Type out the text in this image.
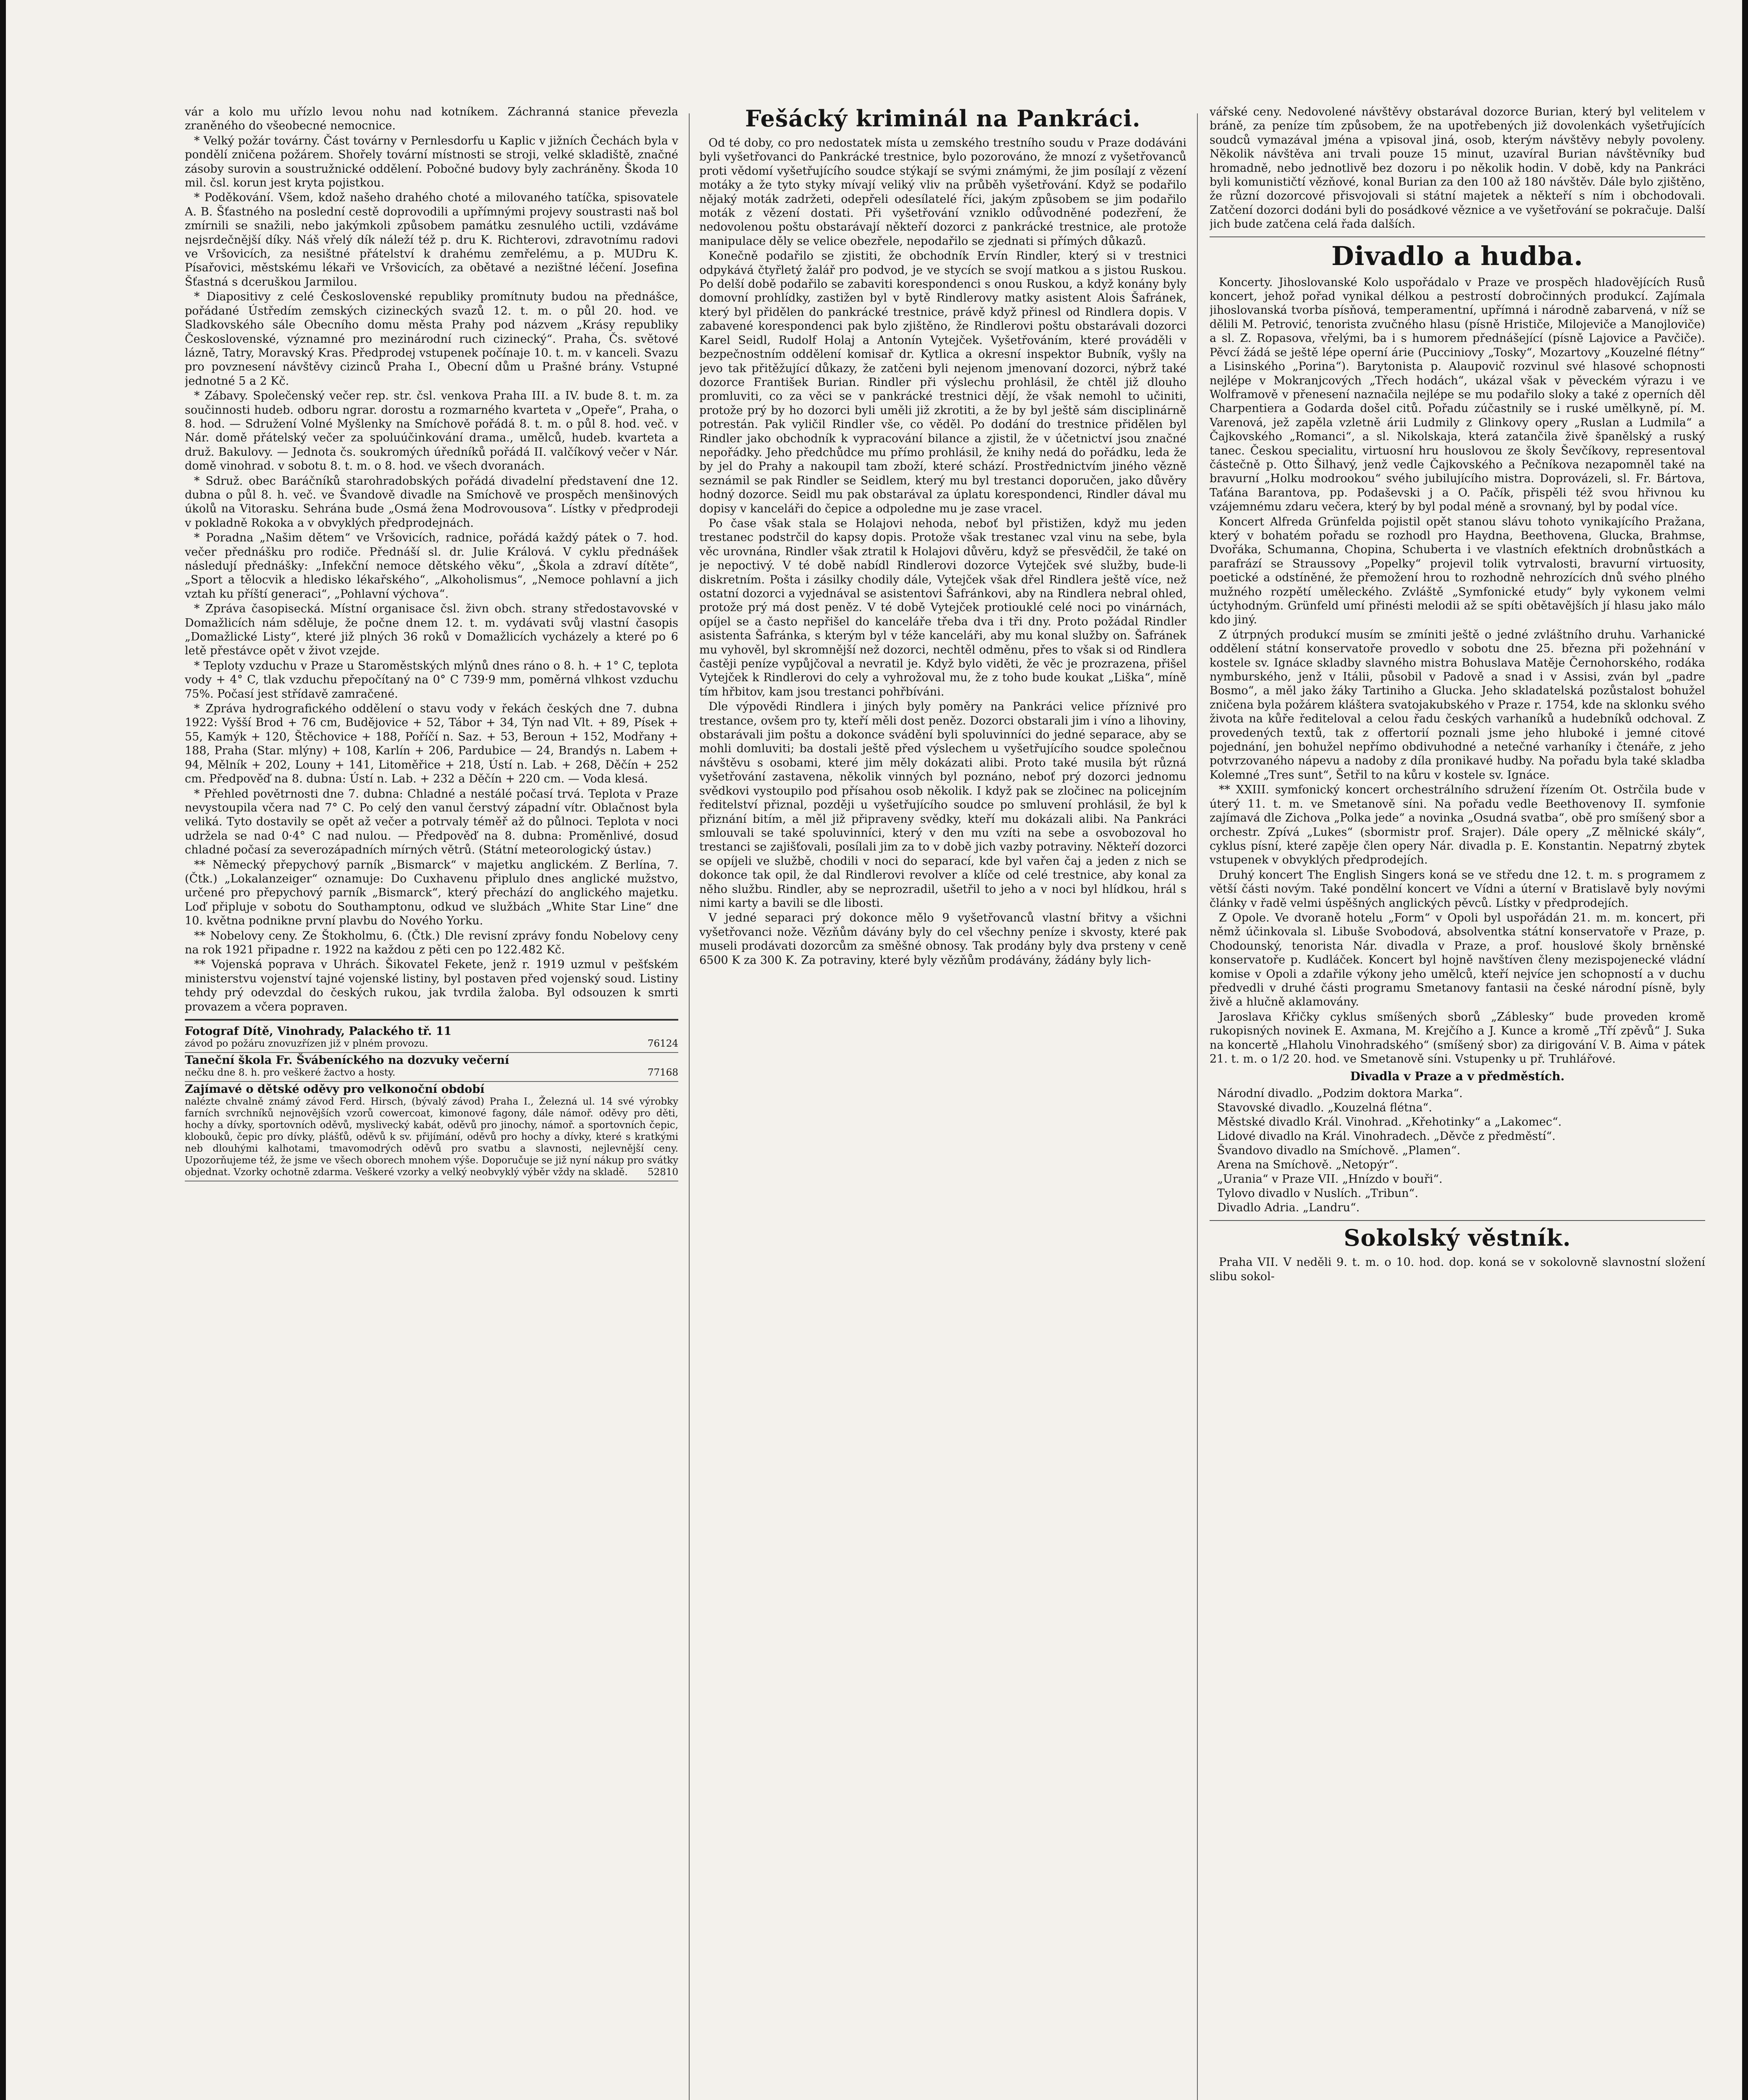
vár a kolo mu uřízlo levou nohu nad kotníkem. Záchranná stanice převezla zraněného do všeobecné nemocnice.

* Velký požár továrny. Část továrny v Pernlesdorfu u Kaplic v jižních Čechách byla v pondělí zničena požárem. Shořely tovární místnosti se stroji, velké skladiště, značné zásoby surovin a soustružnické oddělení. Pobočné budovy byly zachráněny. Škoda 10 mil. čsl. korun jest kryta pojistkou.

* Poděkování. Všem, kdož našeho drahého choté a milovaného tatíčka, spisovatele A. B. Šťastného na poslední cestě doprovodili a upřímnými projevy soustrasti naš bol zmírnili se snažili, nebo jakýmkoli způsobem památku zesnulého uctili, vzdáváme nejsrdečnější díky. Náš vřelý dík náleží též p. dru K. Richterovi, zdravotnímu radovi ve Vršovicích, za nesištné přátelství k drahému zemřelému, a p. MUDru K. Písařovici, městskému lékaři ve Vršovicích, za obětavé a nezištné léčení. Josefina Šťastná s dceruškou Jarmilou.

* Diapositivy z celé Československé republiky promítnuty budou na přednášce, pořádané Ústředím zemských cizineckých svazů 12. t. m. o půl 20. hod. ve Sladkovského sále Obecního domu města Prahy pod názvem „Krásy republiky Československé, významné pro mezinárodní ruch cizinecký“. Praha, Čs. světové lázně, Tatry, Moravský Kras. Předprodej vstupenek počínaje 10. t. m. v kanceli. Svazu pro povznesení návštěvy cizinců Praha I., Obecní dům u Prašné brány. Vstupné jednotné 5 a 2 Kč.

* Zábavy. Společenský večer rep. str. čsl. venkova Praha III. a IV. bude 8. t. m. za součinnosti hudeb. odboru ngrar. dorostu a rozmarného kvarteta v „Opeře“, Praha, o 8. hod. — Sdružení Volné Myšlenky na Smíchově pořádá 8. t. m. o půl 8. hod. več. v Nár. domě přátelský večer za spoluúčinkování drama., umělců, hudeb. kvarteta a druž. Bakulovy. — Jednota čs. soukromých úředníků pořádá II. valčíkový večer v Nár. domě vinohrad. v sobotu 8. t. m. o 8. hod. ve všech dvoranách.

* Sdruž. obec Baráčníků starohradobských pořádá divadelní představení dne 12. dubna o půl 8. h. več. ve Švandově divadle na Smíchově ve prospěch menšinových úkolů na Vitorasku. Sehrána bude „Osmá žena Modrovousova“. Lístky v předprodeji v pokladně Rokoka a v obvyklých předprodejnách.

* Poradna „Našim dětem“ ve Vršovicích, radnice, pořádá každý pátek o 7. hod. večer přednášku pro rodiče. Přednáší sl. dr. Julie Králová. V cyklu přednášek následují přednášky: „Infekční nemoce dětského věku“, „Škola a zdraví dítěte“, „Sport a tělocvik a hledisko lékařského“, „Alkoholismus“, „Nemoce pohlavní a jich vztah ku příští generaci“, „Pohlavní výchova“.

* Zpráva časopisecká. Místní organisace čsl. živn obch. strany středostavovské v Domažlicích nám sděluje, že počne dnem 12. t. m. vydávati svůj vlastní časopis „Domažlické Listy“, které již plných 36 roků v Domažlicích vycházely a které po 6 letě přestávce opět v život vzejde.

* Teploty vzduchu v Praze u Staroměstských mlýnů dnes ráno o 8. h. + 1° C, teplota vody + 4° C, tlak vzduchu přepočítaný na 0° C 739·9 mm, poměrná vlhkost vzduchu 75%. Počasí jest střídavě zamračené.

* Zpráva hydrografického oddělení o stavu vody v řekách českých dne 7. dubna 1922: Vyšší Brod + 76 cm, Budějovice + 52, Tábor + 34, Týn nad Vlt. + 89, Písek + 55, Kamýk + 120, Štěchovice + 188, Poříčí n. Saz. + 53, Beroun + 152, Modřany + 188, Praha (Star. mlýny) + 108, Karlín + 206, Pardubice — 24, Brandýs n. Labem + 94, Mělník + 202, Louny + 141, Litoměřice + 218, Ústí n. Lab. + 268, Děčín + 252 cm. Předpověď na 8. dubna: Ústí n. Lab. + 232 a Děčín + 220 cm. — Voda klesá.

* Přehled povětrnosti dne 7. dubna: Chladné a nestálé počasí trvá. Teplota v Praze nevystoupila včera nad 7° C. Po celý den vanul čerstvý západní vítr. Oblačnost byla veliká. Tyto dostavily se opět až večer a potrvaly téměř až do půlnoci. Teplota v noci udržela se nad 0·4° C nad nulou. — Předpověď na 8. dubna: Proměnlivé, dosud chladné počasí za severozápadních mírných větrů. (Státní meteorologický ústav.)

** Německý přepychový parník „Bismarck“ v majetku anglickém. Z Berlína, 7. (Čtk.) „Lokalanzeiger“ oznamuje: Do Cuxhavenu připlulo dnes anglické mužstvo, určené pro přepychový parník „Bismarck“, který přechází do anglického majetku. Loď připluje v sobotu do Southamptonu, odkud ve službách „White Star Line“ dne 10. května podnikne první plavbu do Nového Yorku.

** Nobelovy ceny. Ze Štokholmu, 6. (Čtk.) Dle revisní zprávy fondu Nobelovy ceny na rok 1921 připadne r. 1922 na každou z pěti cen po 122.482 Kč.

** Vojenská poprava v Uhrách. Šikovatel Fekete, jenž r. 1919 uzmul v pešťském ministerstvu vojenství tajné vojenské listiny, byl postaven před vojenský soud. Listiny tehdy prý odevzdal do českých rukou, jak tvrdila žaloba. Byl odsouzen k smrti provazem a včera popraven.

Fotograf Dítě, Vinohrady, Palackého tř. 11

závod po požáru znovuzřízen již v plném provozu.	76124

Taneční škola Fr. Švábeníckého na dozvuky večerní

nečku dne 8. h. pro veškeré žactvo a hosty.	77168

Zajímavé o dětské oděvy pro velkonoční období

nalézte chvalně známý závod Ferd. Hirsch, (bývalý závod) Praha I., Železná ul. 14 své výrobky farních svrchníků nejnovějších vzorů cowercoat, kimonové fagony, dále námoř. oděvy pro děti, hochy a dívky, sportovních oděvů, myslivecký kabát, oděvů pro jinochy, námoř. a sportovních čepic, klobouků, čepic pro dívky, plášťů, oděvů k sv. přijímání, oděvů pro hochy a dívky, které s kratkými neb dlouhými kalhotami, tmavomodrých oděvů pro svatbu a slavnosti, nejlevnější ceny. Upozorňujeme též, že jsme ve všech oborech mnohem výše. Doporučuje se již nyní nákup pro svátky objednat. Vzorky ochotně zdarma. Veškeré vzorky a velký neobvyklý výběr vždy na skladě. 52810

Fešácký kriminál na Pankráci.

Od té doby, co pro nedostatek místa u zemského trestního soudu v Praze dodáváni byli vyšetřovanci do Pankrácké trestnice, bylo pozorováno, že mnozí z vyšetřovanců proti vědomí vyšetřujícího soudce stýkají se svými známými, že jim posílají z vězení motáky a že tyto styky mívají veliký vliv na průběh vyšetřování. Když se podařilo nějaký moták zadržeti, odepřeli odesílatelé říci, jakým způsobem se jim podařilo moták z vězení dostati. Při vyšetřování vzniklo odůvodněné podezření, že nedovolenou poštu obstarávají někteří dozorci z pankrácké trestnice, ale protože manipulace děly se velice obezřele, nepodařilo se zjednati si přímých důkazů.

Konečně podařilo se zjistiti, že obchodník Ervín Rindler, který si v trestnici odpykává čtyřletý žalář pro podvod, je ve stycích se svojí matkou a s jistou Ruskou. Po delší době podařilo se zabaviti korespondenci s onou Ruskou, a když konány byly domovní prohlídky, zastižen byl v bytě Rindlerovy matky asistent Alois Šafránek, který byl přidělen do pankrácké trestnice, právě když přinesl od Rindlera dopis. V zabavené korespondenci pak bylo zjištěno, že Rindlerovi poštu obstarávali dozorci Karel Seidl, Rudolf Holaj a Antonín Vytejček. Vyšetřováním, které prováděli v bezpečnostním oddělení komisař dr. Kytlica a okresní inspektor Bubník, vyšly na jevo tak přitěžující důkazy, že zatčeni byli nejenom jmenovaní dozorci, nýbrž také dozorce František Burian. Rindler při výslechu prohlásil, že chtěl již dlouho promluviti, co za věci se v pankrácké trestnici dějí, že však nemohl to učiniti, protože prý by ho dozorci byli uměli již zkrotiti, a že by byl ještě sám disciplinárně potrestán. Pak vyličil Rindler vše, co věděl. Po dodání do trestnice přidělen byl Rindler jako obchodník k vypracování bilance a zjistil, že v účetnictví jsou značné nepořádky. Jeho předchůdce mu přímo prohlásil, že knihy nedá do pořádku, leda že by jel do Prahy a nakoupil tam zboží, které schází. Prostřednictvím jiného vězně seznámil se pak Rindler se Seidlem, který mu byl trestanci doporučen, jako důvěry hodný dozorce. Seidl mu pak obstarával za úplatu korespondenci, Rindler dával mu dopisy v kanceláři do čepice a odpoledne mu je zase vracel.

Po čase však stala se Holajovi nehoda, neboť byl přistižen, když mu jeden trestanec podstrčil do kapsy dopis. Protože však trestanec vzal vinu na sebe, byla věc urovnána, Rindler však ztratil k Holajovi důvěru, když se přesvědčil, že také on je nepoctivý. V té době nabídl Rindlerovi dozorce Vytejček své služby, bude-li diskretním. Pošta i zásilky chodily dále, Vytejček však dřel Rindlera ještě více, než ostatní dozorci a vyjednával se asistentovi Šafránkovi, aby na Rindlera nebral ohled, protože prý má dost peněz. V té době Vytejček protiouklé celé noci po vinárnách, opíjel se a často nepřišel do kanceláře třeba dva i tři dny. Proto požádal Rindler asistenta Šafránka, s kterým byl v téže kanceláři, aby mu konal služby on. Šafránek mu vyhověl, byl skromnější než dozorci, nechtěl odměnu, přes to však si od Rindlera častěji peníze vypůjčoval a nevratil je. Když bylo viděti, že věc je prozrazena, přišel Vytejček k Rindlerovi do cely a vyhrožoval mu, že z toho bude koukat „Liška“, míně tím hřbitov, kam jsou trestanci pohřbíváni.

Dle výpovědi Rindlera i jiných byly poměry na Pankráci velice příznivé pro trestance, ovšem pro ty, kteří měli dost peněz. Dozorci obstarali jim i víno a lihoviny, obstarávali jim poštu a dokonce svádění byli spoluvinníci do jedné separace, aby se mohli domluviti; ba dostali ještě před výslechem u vyšetřujícího soudce společnou návštěvu s osobami, které jim měly dokázati alibi. Proto také musila být různá vyšetřování zastavena, několik vinných byl poznáno, neboť prý dozorci jednomu svědkovi vystoupilo pod přísahou osob několik. I když pak se zločinec na policejním ředitelství přiznal, později u vyšetřujícího soudce po smluvení prohlásil, že byl k přiznání bitím, a měl již připraveny svědky, kteří mu dokázali alibi. Na Pankráci smlouvali se také spoluvinníci, který v den mu vzíti na sebe a osvobozoval ho trestanci se zajišťovali, posílali jim za to v době jich vazby potraviny. Někteří dozorci se opíjeli ve službě, chodili v noci do separací, kde byl vařen čaj a jeden z nich se dokonce tak opil, že dal Rindlerovi revolver a klíče od celé trestnice, aby konal za něho službu. Rindler, aby se neprozradil, ušetřil to jeho a v noci byl hlídkou, hrál s nimi karty a bavili se dle libosti.

V jedné separaci prý dokonce mělo 9 vyšetřovanců vlastní břitvy a všichni vyšetřovanci nože. Vězňům dávány byly do cel všechny peníze i skvosty, které pak museli prodávati dozorcům za směšné obnosy. Tak prodány byly dva prsteny v ceně 6500 K za 300 K. Za potraviny, které byly vězňům prodávány, žádány byly lich-

vářské ceny. Nedovolené návštěvy obstarával dozorce Burian, který byl velitelem v bráně, za peníze tím způsobem, že na upotřebených již dovolenkách vyšetřujících soudců vymazával jména a vpisoval jiná, osob, kterým návštěvy nebyly povoleny. Několik návštěva ani trvali pouze 15 minut, uzavíral Burian návštěvníky buď hromadně, nebo jednotlivě bez dozoru i po několik hodin. V době, kdy na Pankráci byli komunističtí vězňové, konal Burian za den 100 až 180 návštěv. Dále bylo zjištěno, že různí dozorcové přisvojovali si státní majetek a někteří s ním i obchodovali. Zatčení dozorci dodáni byli do posádkové věznice a ve vyšetřování se pokračuje. Další jich bude zatčena celá řada dalších.

Divadlo a hudba.

Koncerty. Jihoslovanské Kolo uspořádalo v Praze ve prospěch hladovějících Rusů koncert, jehož pořad vynikal délkou a pestrostí dobročinných produkcí. Zajímala jihoslovanská tvorba písňová, temperamentní, upřímná i národně zabarvená, v níž se dělili M. Petrović, tenorista zvučného hlasu (písně Hrističe, Milojeviče a Manojloviče) a sl. Z. Ropasova, vřelými, ba i s humorem přednášející (písně Lajovice a Pavčiče). Pěvcí žádá se ještě lépe operní árie (Pucciniovy „Tosky“, Mozartovy „Kouzelné flétny“ a Lisinského „Porina“). Barytonista p. Alaupovič rozvinul své hlasové schopnosti nejlépe v Mokranjcových „Třech hodách“, ukázal však v pěveckém výrazu i ve Wolframově v přenesení naznačila nejlépe se mu podařilo sloky a také z operních děl Charpentiera a Godarda došel citů. Pořadu zúčastnily se i ruské umělkyně, pí. M. Varenová, jež zapěla vzletně árii Ludmily z Glinkovy opery „Ruslan a Ludmila“ a Čajkovského „Romanci“, a sl. Nikolskaja, která zatančila živě španělský a ruský tanec. Českou specialitu, virtuosní hru houslovou ze školy Ševčíkovy, representoval částečně p. Otto Šilhavý, jenž vedle Čajkovského a Pečníkova nezapomněl také na bravurní „Holku modrookou“ svého jubilujícího mistra. Doprovázeli, sl. Fr. Bártova, Taťána Barantova, pp. Podaševski j a O. Pačík, přispěli též svou hřivnou ku vzájemnému zdaru večera, který by byl podal méně a srovnaný, byl by podal více.

Koncert Alfreda Grünfelda pojistil opět stanou slávu tohoto vynikajícího Pražana, který v bohatém pořadu se rozhodl pro Haydna, Beethovena, Glucka, Brahmse, Dvořáka, Schumanna, Chopina, Schuberta i ve vlastních efektních drobnůstkách a parafrází se Straussovy „Popelky“ projevil tolik vytrvalosti, bravurní virtuosity, poetické a odstíněné, že přemožení hrou to rozhodně nehrozících dnů svého plného mužného rozpětí uměleckého. Zvláště „Symfonické etudy“ byly vykonem velmi úctyhodným. Grünfeld umí přinésti melodii až se spíti obětavějších jí hlasu jako málo kdo jiný.

Z útrpných produkcí musím se zmíniti ještě o jedné zvláštního druhu. Varhanické oddělení státní konservatoře provedlo v sobotu dne 25. března při požehnání v kostele sv. Ignáce skladby slavného mistra Bohuslava Matěje Černohorského, rodáka nymburského, jenž v Itálii, působil v Padově a snad i v Assisi, zván byl „padre Bosmo“, a měl jako žáky Tartiniho a Glucka. Jeho skladatelská pozůstalost bohužel zničena byla požárem kláštera svatojakubského v Praze r. 1754, kde na sklonku svého života na kůře řediteloval a celou řadu českých varhaníků a hudebníků odchoval. Z provedených textů, tak z offertorií poznali jsme jeho hluboké i jemné citové pojednání, jen bohužel nepřímo obdivuhodné a netečné varhaníky i čtenáře, z jeho potvrzovaného nápevu a nadoby z díla pronikavé hudby. Na pořadu byla také skladba Kolemné „Tres sunt“, Šetřil to na kůru v kostele sv. Ignáce.

** XXIII. symfonický koncert orchestrálního sdružení řízením Ot. Ostrčila bude v úterý 11. t. m. ve Smetanově síni. Na pořadu vedle Beethovenovy II. symfonie zajímavá dle Zichova „Polka jede“ a novinka „Osudná svatba“, obě pro smíšený sbor a orchestr. Zpívá „Lukes“ (sbormistr prof. Srajer). Dále opery „Z mělnické skály“, cyklus písní, které zapěje člen opery Nár. divadla p. E. Konstantin. Nepatrný zbytek vstupenek v obvyklých předprodejích.

Druhý koncert The English Singers koná se ve středu dne 12. t. m. s programem z větší části novým. Také pondělní koncert ve Vídni a úterní v Bratislavě byly novými články v řadě velmi úspěšných anglických pěvců. Lístky v předprodejích.

Z Opole. Ve dvoraně hotelu „Form“ v Opoli byl uspořádán 21. m. m. koncert, při němž účinkovala sl. Libuše Svobodová, absolventka státní konservatoře v Praze, p. Chodounský, tenorista Nár. divadla v Praze, a prof. houslové školy brněnské konservatoře p. Kudláček. Koncert byl hojně navštíven členy mezispojenecké vládní komise v Opoli a zdařile výkony jeho umělců, kteří nejvíce jen schopností a v duchu předvedli v druhé části programu Smetanovy fantasii na české národní písně, byly živě a hlučně aklamovány.

Jaroslava Křičky cyklus smíšených sborů „Zábleskу“ bude proveden kromě rukopisných novinek E. Axmana, M. Krejčího a J. Kunce a kromě „Tří zpěvů“ J. Suka na koncertě „Hlaholu Vinohradského“ (smíšený sbor) za dirigování V. B. Aima v pátek 21. t. m. o 1/2 20. hod. ve Smetanově síni. Vstupenky u př. Truhlářové.

Divadla v Praze a v předměstích.

Národní divadlo. „Podzim doktora Marka“.

Stavovské divadlo. „Kouzelná flétna“.

Městské divadlo Král. Vinohrad. „Křehotinky“ a „Lakomec“.

Lidové divadlo na Král. Vinohradech. „Děvče z předměstí“.

Švandovo divadlo na Smíchově. „Plamen“.

Arena na Smíchově. „Netopýr“.

„Urania“ v Praze VII. „Hnízdo v bouři“.

Tylovo divadlo v Nuslích. „Tribun“.

Divadlo Adria. „Landru“.

Sokolský věstník.

Praha VII. V neděli 9. t. m. o 10. hod. dop. koná se v sokolovně slavnostní složení slibu sokol-
